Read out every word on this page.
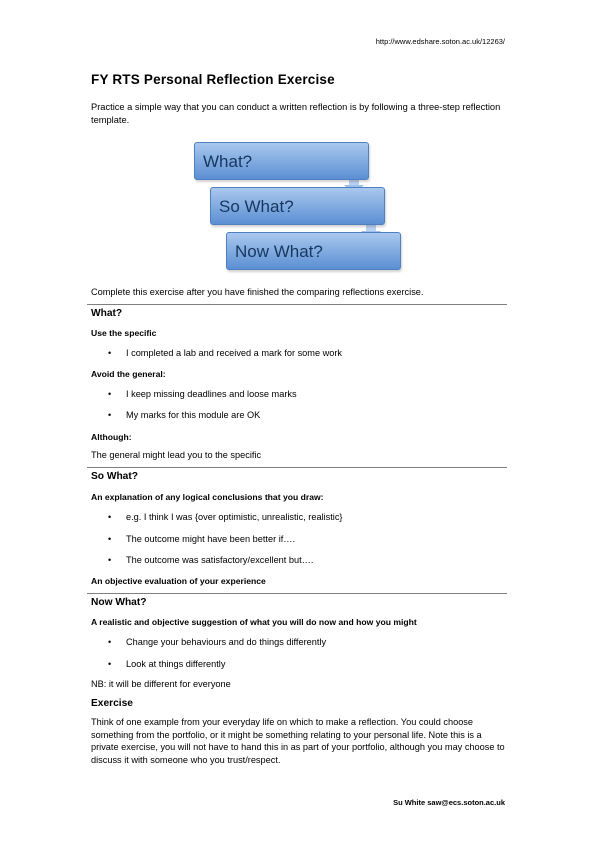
http://www.edshare.soton.ac.uk/12263/
FY RTS Personal Reflection Exercise
Practice a simple way that you can conduct a written reflection is by following a three-step reflection template.
What?
So What?
Now What?
Complete this exercise after you have finished the comparing reflections exercise.
What?
Use the specific
• I completed a lab and received a mark for some work
Avoid the general:
• I keep missing deadlines and loose marks
• My marks for this module are OK
Although:
The general might lead you to the specific
So What?
An explanation of any logical conclusions that you draw:
• e.g. I think I was {over optimistic, unrealistic, realistic}
• The outcome might have been better if….
• The outcome was satisfactory/excellent but….
An objective evaluation of your experience
Now What?
A realistic and objective suggestion of what you will do now and how you might
• Change your behaviours and do things differently
• Look at things differently
NB: it will be different for everyone
Exercise
Think of one example from your everyday life on which to make a reflection. You could choose something from the portfolio, or it might be something relating to your personal life. Note this is a private exercise, you will not have to hand this in as part of your portfolio, although you may choose to discuss it with someone who you trust/respect.
Su White saw@ecs.soton.ac.uk
